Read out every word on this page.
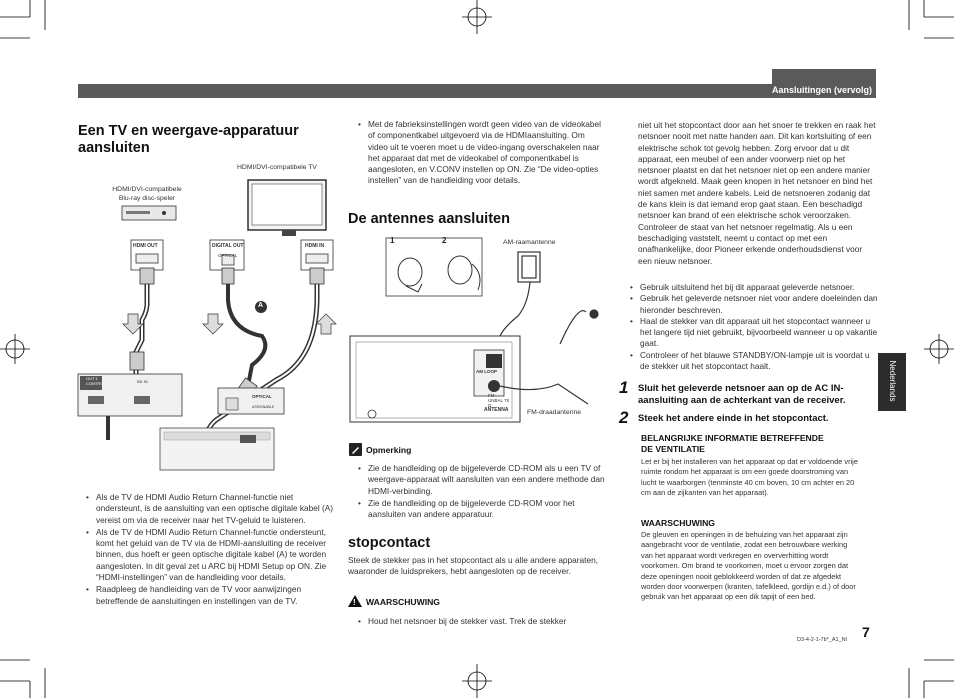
Aansluitingen (vervolg)
Nederlands
Een TV en weergave-apparatuur
aansluiten
HDMI/DVI-compatibele TV
HDMI/DVI-compatibele
Blu-ray disc-speler
HDMI OUT	DIGITAL OUT
OPTICAL
HDMI IN
A
OUT 1 CONTROL	BD IN
OPTICAL
ASSIGNABLE
• Als de TV de HDMI Audio Return Channel-functie niet ondersteunt, is de aansluiting van een optische digitale kabel (A) vereist om via de receiver naar het TV-geluid te luisteren.
• Als de TV de HDMI Audio Return Channel-functie ondersteunt, komt het geluid van de TV via de HDMI-aansluiting de receiver binnen, dus hoeft er geen optische digitale kabel (A) te worden aangesloten. In dit geval zet u ARC bij HDMI Setup op ON. Zie “HDMI-instellingen” van de handleiding voor details.
• Raadpleeg de handleiding van de TV voor aanwijzingen betreffende de aansluitingen en instellingen van de TV.
• Met de fabrieksinstellingen wordt geen video van de videokabel of componentkabel uitgevoerd via de HDMIaansluiting. Om video uit te voeren moet u de video-ingang overschakelen naar het apparaat dat met de videokabel of componentkabel is aangesloten, en V.CONV instellen op ON. Zie “De video-opties instellen” van de handleiding voor details.
De antennes aansluiten
1	2	AM-raamantenne
AM LOOP
FM UNBAL 75 Ω
ANTENNA	FM-draadantenne
Opmerking
• Zie de handleiding op de bijgeleverde CD-ROM als u een TV of weergave-apparaat wilt aansluiten van een andere methode dan HDMI-verbinding.
• Zie de handleiding op de bijgeleverde CD-ROM voor het aansluiten van andere apparatuur.
stopcontact
Steek de stekker pas in het stopcontact als u alle andere apparaten, waaronder de luidsprekers, hebt aangesloten op de receiver.
! WAARSCHUWING
• Houd het netsnoer bij de stekker vast. Trek de stekker
niet uit het stopcontact door aan het snoer te trekken en raak het netsnoer nooit met natte handen aan. Dit kan kortsluiting of een elektrische schok tot gevolg hebben. Zorg ervoor dat u dit apparaat, een meubel of een ander voorwerp niet op het netsnoer plaatst en dat het netsnoer niet op een andere manier wordt afgekneld. Maak geen knopen in het netsnoer en bind het niet samen met andere kabels. Leid de netsnoeren zodanig dat de kans klein is dat iemand erop gaat staan. Een beschadigd netsnoer kan brand of een elektrische schok veroorzaken. Controleer de staat van het netsnoer regelmatig. Als u een beschadiging vaststelt, neemt u contact op met een onafhankelijke, door Pioneer erkende onderhoudsdienst voor een nieuw netsnoer.
• Gebruik uitsluitend het bij dit apparaat geleverde netsnoer.
• Gebruik het geleverde netsnoer niet voor andere doeleinden dan hieronder beschreven.
• Haal de stekker van dit apparaat uit het stopcontact wanneer u het langere tijd niet gebruikt, bijvoorbeeld wanneer u op vakantie gaat.
• Controleer of het blauwe STANDBY/ON-lampje uit is voordat u de stekker uit het stopcontact haalt.
1 Sluit het geleverde netsnoer aan op de AC IN-aansluiting aan de achterkant van de receiver.
2 Steek het andere einde in het stopcontact.
BELANGRIJKE INFORMATIE BETREFFENDE
DE VENTILATIE
Let er bij het installeren van het apparaat op dat er voldoende vrije ruimte rondom het apparaat is om een goede doorstroming van lucht te waarborgen (tenminste 40 cm boven, 10 cm achter en 20 cm aan de zijkanten van het apparaat).
WAARSCHUWING
De gleuven en openingen in de behuizing van het apparaat zijn aangebracht voor de ventilatie, zodat een betrouwbare werking van het apparaat wordt verkregen en oververhitting wordt voorkomen. Om brand te voorkomen, moet u ervoor zorgen dat deze openingen nooit geblokkeerd worden of dat ze afgedekt worden door voorwerpen (kranten, tafelkleed, gordijn e.d.) of door gebruik van het apparaat op een dik tapijt of een bed.
D3-4-2-1-7b*_A1_Nl 7
